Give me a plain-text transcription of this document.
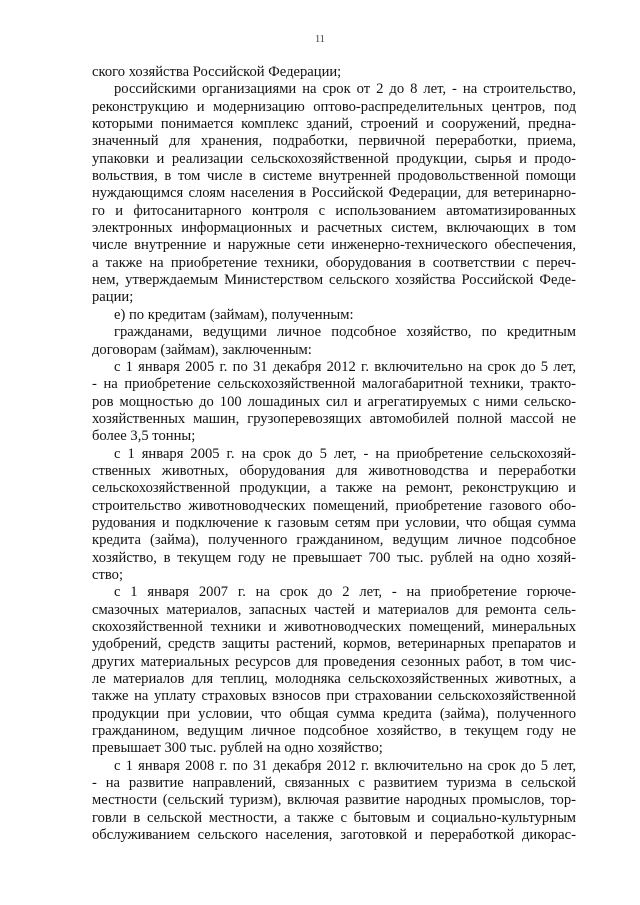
11
ского хозяйства Российской Федерации;
российскими организациями на срок от 2 до 8 лет, - на строительство,
реконструкцию и модернизацию оптово-распределительных центров, под
которыми понимается комплекс зданий, строений и сооружений, предна-
значенный для хранения, подработки, первичной переработки, приема,
упаковки и реализации сельскохозяйственной продукции, сырья и продо-
вольствия, в том числе в системе внутренней продовольственной помощи
нуждающимся слоям населения в Российской Федерации, для ветеринарно-
го и фитосанитарного контроля с использованием автоматизированных
электронных информационных и расчетных систем, включающих в том
числе внутренние и наружные сети инженерно-технического обеспечения,
а также на приобретение техники, оборудования в соответствии с переч-
нем, утверждаемым Министерством сельского хозяйства Российской Феде-
рации;
е) по кредитам (займам), полученным:
гражданами, ведущими личное подсобное хозяйство, по кредитным
договорам (займам), заключенным:
с 1 января 2005 г. по 31 декабря 2012 г. включительно на срок до 5 лет,
- на приобретение сельскохозяйственной малогабаритной техники, тракто-
ров мощностью до 100 лошадиных сил и агрегатируемых с ними сельско-
хозяйственных машин, грузоперевозящих автомобилей полной массой не
более 3,5 тонны;
с 1 января 2005 г. на срок до 5 лет, - на приобретение сельскохозяй-
ственных животных, оборудования для животноводства и переработки
сельскохозяйственной продукции, а также на ремонт, реконструкцию и
строительство животноводческих помещений, приобретение газового обо-
рудования и подключение к газовым сетям при условии, что общая сумма
кредита (займа), полученного гражданином, ведущим личное подсобное
хозяйство, в текущем году не превышает 700 тыс. рублей на одно хозяй-
ство;
с 1 января 2007 г. на срок до 2 лет, - на приобретение горюче-
смазочных материалов, запасных частей и материалов для ремонта сель-
скохозяйственной техники и животноводческих помещений, минеральных
удобрений, средств защиты растений, кормов, ветеринарных препаратов и
других материальных ресурсов для проведения сезонных работ, в том чис-
ле материалов для теплиц, молодняка сельскохозяйственных животных, а
также на уплату страховых взносов при страховании сельскохозяйственной
продукции при условии, что общая сумма кредита (займа), полученного
гражданином, ведущим личное подсобное хозяйство, в текущем году не
превышает 300 тыс. рублей на одно хозяйство;
с 1 января 2008 г. по 31 декабря 2012 г. включительно на срок до 5 лет,
- на развитие направлений, связанных с развитием туризма в сельской
местности (сельский туризм), включая развитие народных промыслов, тор-
говли в сельской местности, а также с бытовым и социально-культурным
обслуживанием сельского населения, заготовкой и переработкой дикорас-
